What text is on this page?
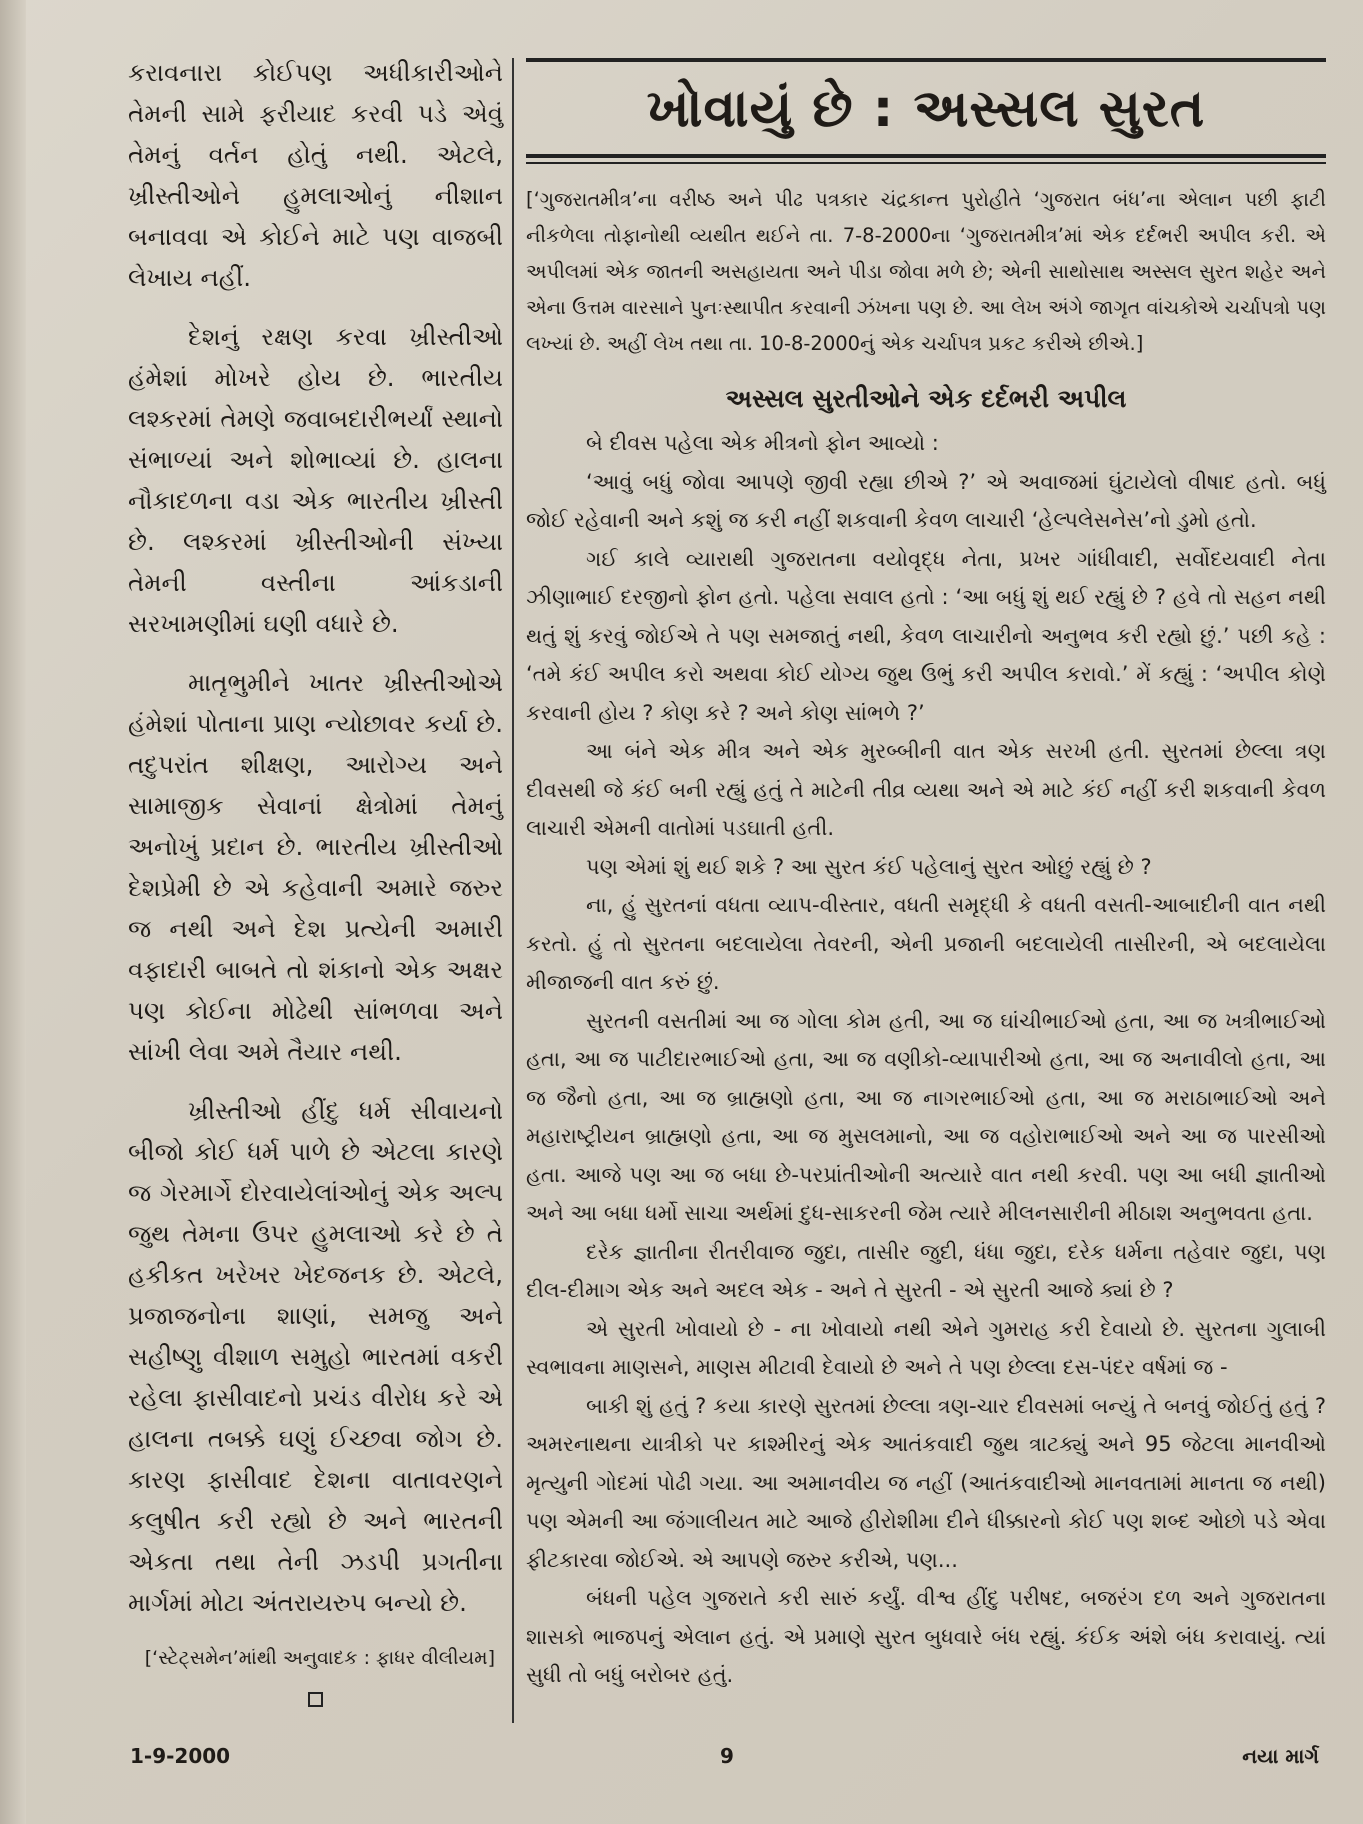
કરાવનારા કોઈપણ અધીકારીઓને તેમની સામે ફરીયાદ કરવી પડે એવું તેમનું વર્તન હોતું નથી. એટલે, ખ્રીસ્તીઓને હુમલાઓનું નીશાન બનાવવા એ કોઈને માટે પણ વાજબી લેખાય નહીં.

દેશનું રક્ષણ કરવા ખ્રીસ્તીઓ હંમેશાં મોખરે હોય છે. ભારતીય લશ્કરમાં તેમણે જવાબદારીભર્યાં સ્થાનો સંભાળ્યાં અને શોભાવ્યાં છે. હાલના નૌકાદળના વડા એક ભારતીય ખ્રીસ્તી છે. લશ્કરમાં ખ્રીસ્તીઓની સંખ્યા તેમની વસ્તીના આંકડાની સરખામણીમાં ઘણી વધારે છે.

માતૃભુમીને ખાતર ખ્રીસ્તીઓએ હંમેશાં પોતાના પ્રાણ ન્યોછાવર કર્યા છે. તદુપરાંત શીક્ષણ, આરોગ્ય અને સામાજીક સેવાનાં ક્ષેત્રોમાં તેમનું અનોખું પ્રદાન છે. ભારતીય ખ્રીસ્તીઓ દેશપ્રેમી છે એ કહેવાની અમારે જરુર જ નથી અને દેશ પ્રત્યેની અમારી વફાદારી બાબતે તો શંકાનો એક અક્ષર પણ કોઈના મોઢેથી સાંભળવા અને સાંખી લેવા અમે તૈયાર નથી.

ખ્રીસ્તીઓ હીંદુ ધર્મ સીવાયનો બીજો કોઈ ધર્મ પાળે છે એટલા કારણે જ ગેરમાર્ગે દોરવાયેલાંઓનું એક અલ્પ જુથ તેમના ઉપર હુમલાઓ કરે છે તે હકીકત ખરેખર ખેદજનક છે. એટલે, પ્રજાજનોના શાણાં, સમજુ અને સહીષ્ણુ વીશાળ સમુહો ભારતમાં વકરી રહેલા ફાસીવાદનો પ્રચંડ વીરોધ કરે એ હાલના તબક્કે ઘણું ઈચ્છવા જોગ છે. કારણ ફાસીવાદ દેશના વાતાવરણને કલુષીત કરી રહ્યો છે અને ભારતની એકતા તથા તેની ઝડપી પ્રગતીના માર્ગમાં મોટા અંતરાયરુપ બન્યો છે.

[‘સ્ટેટ્સમેન’માંથી અનુવાદક : ફાધર વીલીયમ]
ખોવાયું છે : અસ્સલ સુરત
[‘ગુજરાતમીત્ર’ના વરીષ્ઠ અને પીઢ પત્રકાર ચંદ્રકાન્ત પુરોહીતે ‘ગુજરાત બંધ’ના એલાન પછી ફાટી નીકળેલા તોફાનોથી વ્યથીત થઈને તા. 7-8-2000ના ‘ગુજરાતમીત્ર’માં એક દર્દભરી અપીલ કરી. એ અપીલમાં એક જાતની અસહાયતા અને પીડા જોવા મળે છે; એની સાથોસાથ અસ્સલ સુરત શહેર અને એના ઉત્તમ વારસાને પુનઃસ્થાપીત કરવાની ઝંખના પણ છે. આ લેખ અંગે જાગૃત વાંચકોએ ચર્ચાપત્રો પણ લખ્યાં છે. અહીં લેખ તથા તા. 10-8-2000નું એક ચર્ચાપત્ર પ્રકટ કરીએ છીએ.]
અસ્સલ સુરતીઓને એક દર્દભરી અપીલ

બે દીવસ પહેલા એક મીત્રનો ફોન આવ્યો :

‘આવું બધું જોવા આપણે જીવી રહ્યા છીએ ?’ એ અવાજમાં ઘુંટાયેલો વીષાદ હતો. બધું જોઈ રહેવાની અને કશું જ કરી નહીં શકવાની કેવળ લાચારી ‘હેલ્પલેસનેસ’નો ડુમો હતો.

ગઈ કાલે વ્યારાથી ગુજરાતના વયોવૃદ્ધ નેતા, પ્રખર ગાંધીવાદી, સર્વોદયવાદી નેતા ઝીણાભાઈ દરજીનો ફોન હતો. પહેલા સવાલ હતો : ‘આ બધું શું થઈ રહ્યું છે ? હવે તો સહન નથી થતું શું કરવું જોઈએ તે પણ સમજાતું નથી, કેવળ લાચારીનો અનુભવ કરી રહ્યો છું.’ પછી કહે : ‘તમે કંઈ અપીલ કરો અથવા કોઈ યોગ્ય જુથ ઉભું કરી અપીલ કરાવો.’ મેં કહ્યું : ‘અપીલ કોણે કરવાની હોય ? કોણ કરે ? અને કોણ સાંભળે ?’

આ બંને એક મીત્ર અને એક મુરબ્બીની વાત એક સરખી હતી. સુરતમાં છેલ્લા ત્રણ દીવસથી જે કંઈ બની રહ્યું હતું તે માટેની તીવ્ર વ્યથા અને એ માટે કંઈ નહીં કરી શકવાની કેવળ લાચારી એમની વાતોમાં પડઘાતી હતી.

પણ એમાં શું થઈ શકે ? આ સુરત કંઈ પહેલાનું સુરત ઓછું રહ્યું છે ?

ના, હું સુરતનાં વધતા વ્યાપ-વીસ્તાર, વધતી સમૃદ્ધી કે વધતી વસતી-આબાદીની વાત નથી કરતો. હું તો સુરતના બદલાયેલા તેવરની, એની પ્રજાની બદલાયેલી તાસીરની, એ બદલાયેલા મીજાજની વાત કરું છું.

સુરતની વસતીમાં આ જ ગોલા કોમ હતી, આ જ ઘાંચીભાઈઓ હતા, આ જ ખત્રીભાઈઓ હતા, આ જ પાટીદારભાઈઓ હતા, આ જ વણીકો-વ્યાપારીઓ હતા, આ જ અનાવીલો હતા, આ જ જૈનો હતા, આ જ બ્રાહ્મણો હતા, આ જ નાગરભાઈઓ હતા, આ જ મરાઠાભાઈઓ અને મહારાષ્ટ્રીયન બ્રાહ્મણો હતા, આ જ મુસલમાનો, આ જ વહોરાભાઈઓ અને આ જ પારસીઓ હતા. આજે પણ આ જ બધા છે-પરપ્રાંતીઓની અત્યારે વાત નથી કરવી. પણ આ બધી જ્ઞાતીઓ અને આ બધા ધર્મો સાચા અર્થમાં દુધ-સાકરની જેમ ત્યારે મીલનસારીની મીઠાશ અનુભવતા હતા.

દરેક જ્ઞાતીના રીતરીવાજ જુદા, તાસીર જુદી, ધંધા જુદા, દરેક ધર્મના તહેવાર જુદા, પણ દીલ-દીમાગ એક અને અદલ એક - અને તે સુરતી - એ સુરતી આજે ક્યાં છે ?

એ સુરતી ખોવાયો છે - ના ખોવાયો નથી એને ગુમરાહ કરી દેવાયો છે. સુરતના ગુલાબી સ્વભાવના માણસને, માણસ મીટાવી દેવાયો છે અને તે પણ છેલ્લા દસ-પંદર વર્ષમાં જ -

બાકી શું હતું ? કયા કારણે સુરતમાં છેલ્લા ત્રણ-ચાર દીવસમાં બન્યું તે બનવું જોઈતું હતું ? અમરનાથના યાત્રીકો પર કાશ્મીરનું એક આતંકવાદી જુથ ત્રાટક્યું અને 95 જેટલા માનવીઓ મૃત્યુની ગોદમાં પોઢી ગયા. આ અમાનવીય જ નહીં (આતંકવાદીઓ માનવતામાં માનતા જ નથી) પણ એમની આ જંગાલીયત માટે આજે હીરોશીમા દીને ધીક્કારનો કોઈ પણ શબ્દ ઓછો પડે એવા ફીટકારવા જોઈએ. એ આપણે જરુર કરીએ, પણ...

બંધની પહેલ ગુજરાતે કરી સારું કર્યું. વીશ્વ હીંદુ પરીષદ, બજરંગ દળ અને ગુજરાતના શાસકો ભાજપનું એલાન હતું. એ પ્રમાણે સુરત બુધવારે બંધ રહ્યું. કંઈક અંશે બંધ કરાવાયું. ત્યાં સુધી તો બધું બરોબર હતું.

1-9-2000	9	નયા માર્ગ
